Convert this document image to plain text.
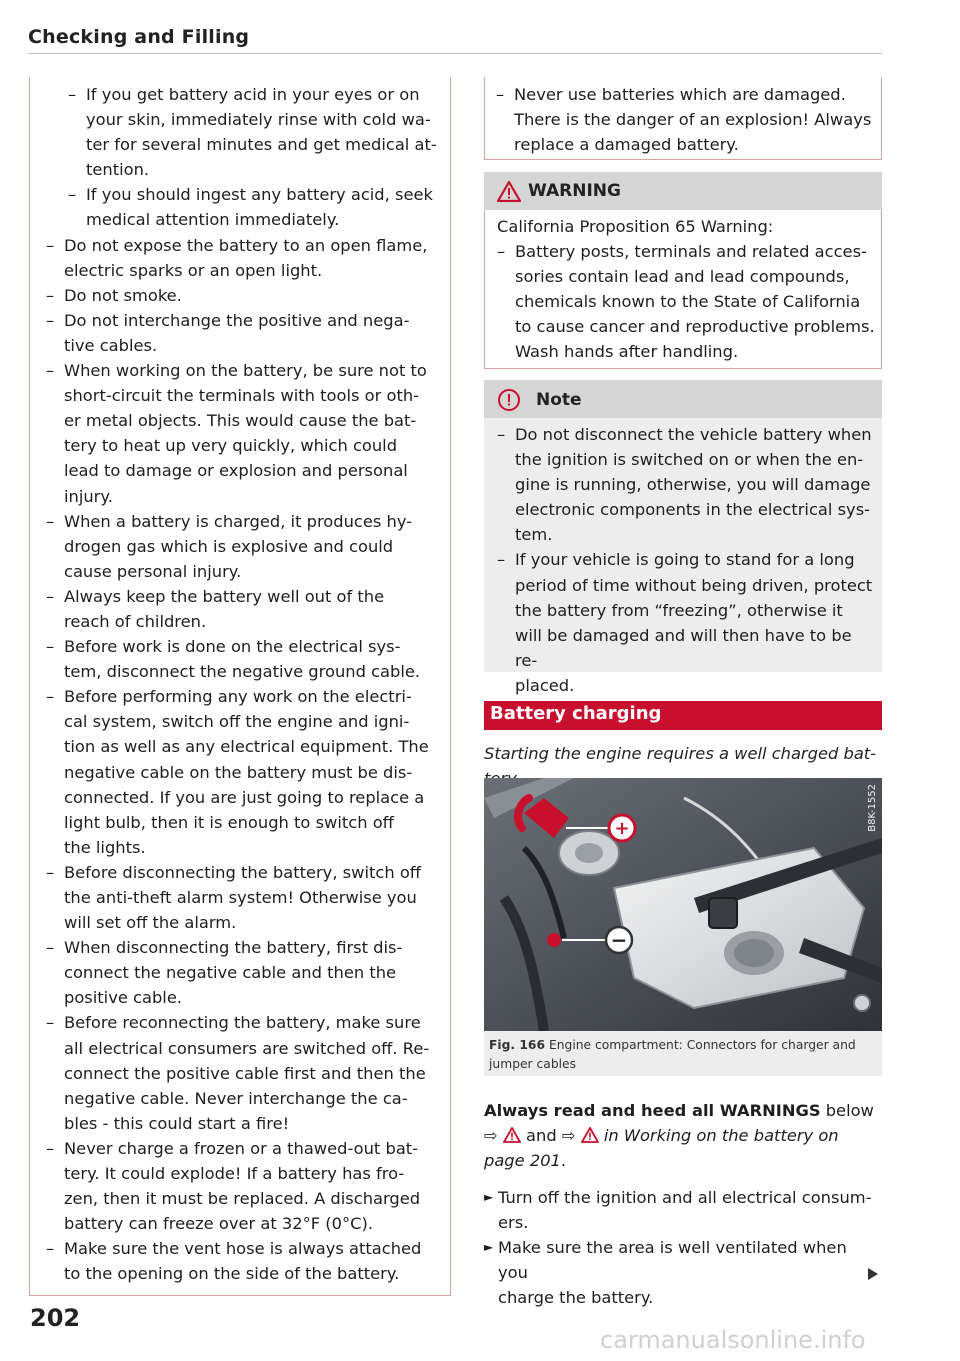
Checking and Filling
– If you get battery acid in your eyes or on
your skin, immediately rinse with cold wa-
ter for several minutes and get medical at-
tention.
– If you should ingest any battery acid, seek
medical attention immediately.
– Do not expose the battery to an open flame,
electric sparks or an open light.
– Do not smoke.
– Do not interchange the positive and nega-
tive cables.
– When working on the battery, be sure not to
short-circuit the terminals with tools or oth-
er metal objects. This would cause the bat-
tery to heat up very quickly, which could
lead to damage or explosion and personal
injury.
– When a battery is charged, it produces hy-
drogen gas which is explosive and could
cause personal injury.
– Always keep the battery well out of the
reach of children.
– Before work is done on the electrical sys-
tem, disconnect the negative ground cable.
– Before performing any work on the electri-
cal system, switch off the engine and igni-
tion as well as any electrical equipment. The
negative cable on the battery must be dis-
connected. If you are just going to replace a
light bulb, then it is enough to switch off
the lights.
– Before disconnecting the battery, switch off
the anti-theft alarm system! Otherwise you
will set off the alarm.
– When disconnecting the battery, first dis-
connect the negative cable and then the
positive cable.
– Before reconnecting the battery, make sure
all electrical consumers are switched off. Re-
connect the positive cable first and then the
negative cable. Never interchange the ca-
bles - this could start a fire!
– Never charge a frozen or a thawed-out bat-
tery. It could explode! If a battery has fro-
zen, then it must be replaced. A discharged
battery can freeze over at 32°F (0°C).
– Make sure the vent hose is always attached
to the opening on the side of the battery.
202
– Never use batteries which are damaged.
There is the danger of an explosion! Always
replace a damaged battery.
WARNING
California Proposition 65 Warning:
– Battery posts, terminals and related acces-
sories contain lead and lead compounds,
chemicals known to the State of California
to cause cancer and reproductive problems.
Wash hands after handling.
Note
– Do not disconnect the vehicle battery when
the ignition is switched on or when the en-
gine is running, otherwise, you will damage
electronic components in the electrical sys-
tem.
– If your vehicle is going to stand for a long
period of time without being driven, protect
the battery from “freezing”, otherwise it
will be damaged and will then have to be re-
placed.
Battery charging
Starting the engine requires a well charged bat-
+
−
B8K-1552
Fig. 166 Engine compartment: Connectors for charger and
jumper cables
Always read and heed all WARNINGS below
⇨  and ⇨  in Working on the battery on
page 201.
► Turn off the ignition and all electrical consum-
ers.
► Make sure the area is well ventilated when you
charge the battery.
carmanualsonline.info
